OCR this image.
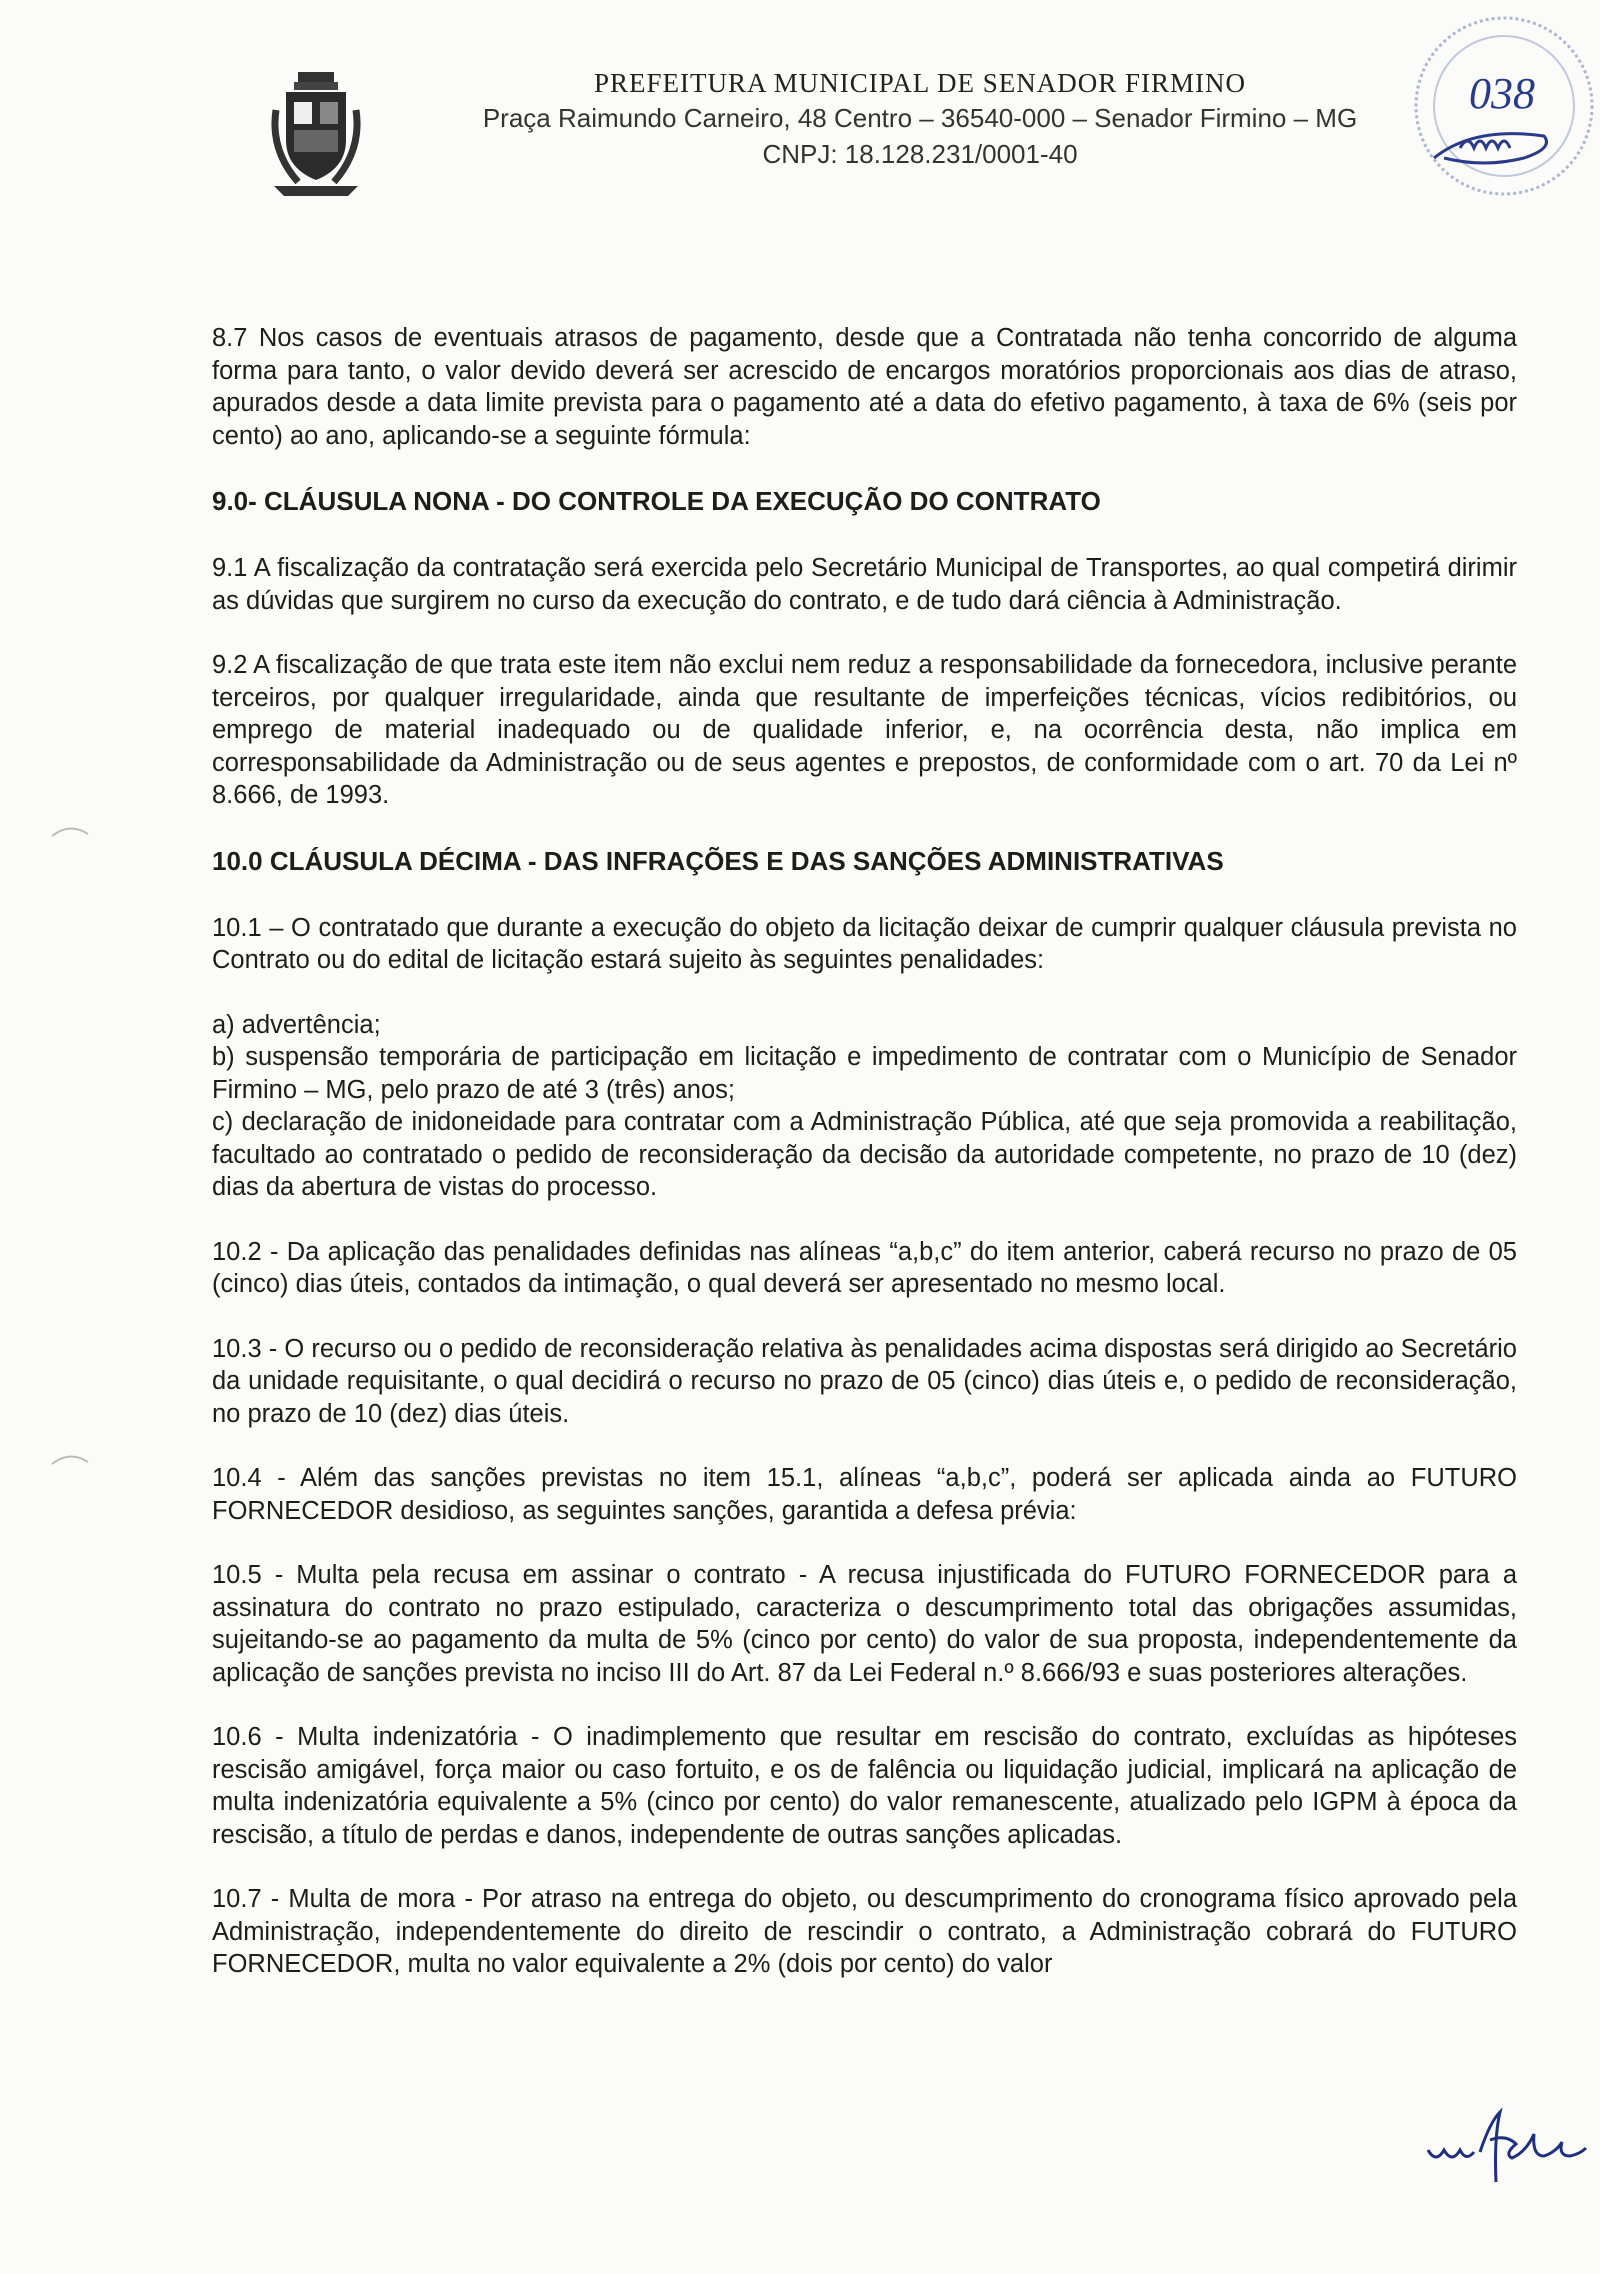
PREFEITURA MUNICIPAL DE SENADOR FIRMINO
Praça Raimundo Carneiro, 48 Centro – 36540-000 – Senador Firmino – MG
CNPJ: 18.128.231/0001-40
038

8.7 Nos casos de eventuais atrasos de pagamento, desde que a Contratada não tenha concorrido de alguma forma para tanto, o valor devido deverá ser acrescido de encargos moratórios proporcionais aos dias de atraso, apurados desde a data limite prevista para o pagamento até a data do efetivo pagamento, à taxa de 6% (seis por cento) ao ano, aplicando-se a seguinte fórmula:

9.0- CLÁUSULA NONA - DO CONTROLE DA EXECUÇÃO DO CONTRATO

9.1 A fiscalização da contratação será exercida pelo Secretário Municipal de Transportes, ao qual competirá dirimir as dúvidas que surgirem no curso da execução do contrato, e de tudo dará ciência à Administração.

9.2 A fiscalização de que trata este item não exclui nem reduz a responsabilidade da fornecedora, inclusive perante terceiros, por qualquer irregularidade, ainda que resultante de imperfeições técnicas, vícios redibitórios, ou emprego de material inadequado ou de qualidade inferior, e, na ocorrência desta, não implica em corresponsabilidade da Administração ou de seus agentes e prepostos, de conformidade com o art. 70 da Lei nº 8.666, de 1993.

10.0 CLÁUSULA DÉCIMA - DAS INFRAÇÕES E DAS SANÇÕES ADMINISTRATIVAS

10.1 – O contratado que durante a execução do objeto da licitação deixar de cumprir qualquer cláusula prevista no Contrato ou do edital de licitação estará sujeito às seguintes penalidades:

a) advertência;

b) suspensão temporária de participação em licitação e impedimento de contratar com o Município de Senador Firmino – MG, pelo prazo de até 3 (três) anos;

c) declaração de inidoneidade para contratar com a Administração Pública, até que seja promovida a reabilitação, facultado ao contratado o pedido de reconsideração da decisão da autoridade competente, no prazo de 10 (dez) dias da abertura de vistas do processo.

10.2 - Da aplicação das penalidades definidas nas alíneas “a,b,c” do item anterior, caberá recurso no prazo de 05 (cinco) dias úteis, contados da intimação, o qual deverá ser apresentado no mesmo local.

10.3 - O recurso ou o pedido de reconsideração relativa às penalidades acima dispostas será dirigido ao Secretário da unidade requisitante, o qual decidirá o recurso no prazo de 05 (cinco) dias úteis e, o pedido de reconsideração, no prazo de 10 (dez) dias úteis.

10.4 - Além das sanções previstas no item 15.1, alíneas “a,b,c”, poderá ser aplicada ainda ao FUTURO FORNECEDOR desidioso, as seguintes sanções, garantida a defesa prévia:

10.5 - Multa pela recusa em assinar o contrato - A recusa injustificada do FUTURO FORNECEDOR para a assinatura do contrato no prazo estipulado, caracteriza o descumprimento total das obrigações assumidas, sujeitando-se ao pagamento da multa de 5% (cinco por cento) do valor de sua proposta, independentemente da aplicação de sanções prevista no inciso III do Art. 87 da Lei Federal n.º 8.666/93 e suas posteriores alterações.

10.6 - Multa indenizatória - O inadimplemento que resultar em rescisão do contrato, excluídas as hipóteses rescisão amigável, força maior ou caso fortuito, e os de falência ou liquidação judicial, implicará na aplicação de multa indenizatória equivalente a 5% (cinco por cento) do valor remanescente, atualizado pelo IGPM à época da rescisão, a título de perdas e danos, independente de outras sanções aplicadas.

10.7 - Multa de mora - Por atraso na entrega do objeto, ou descumprimento do cronograma físico aprovado pela Administração, independentemente do direito de rescindir o contrato, a Administração cobrará do FUTURO FORNECEDOR, multa no valor equivalente a 2% (dois por cento) do valor
